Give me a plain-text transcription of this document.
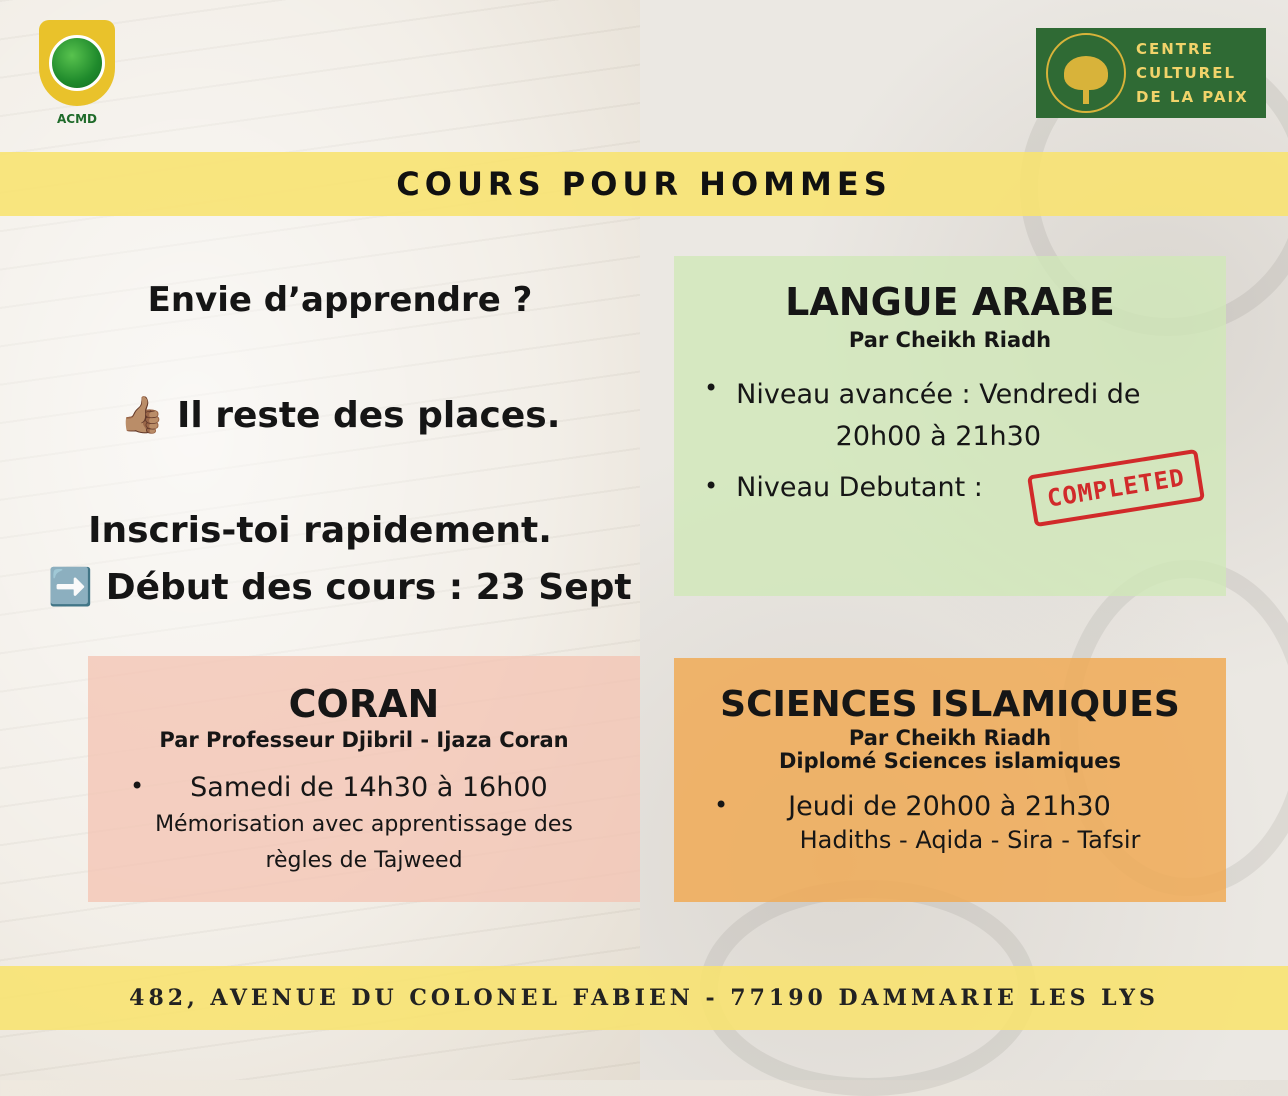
ACMD
CENTRE
CULTUREL
DE LA PAIX
COURS POUR HOMMES
Envie d’apprendre ?
👍🏽 Il reste des places.
Inscris-toi rapidement.
➡️ Début des cours : 23 Sept
LANGUE ARABE
Par Cheikh Riadh
• Niveau avancée : Vendredi de
20h00 à 21h30
• Niveau Debutant :	COMPLETED
CORAN
Par Professeur Djibril - Ijaza Coran
• Samedi de 14h30 à 16h00
Mémorisation avec apprentissage des
règles de Tajweed
SCIENCES ISLAMIQUES
Par Cheikh Riadh
Diplomé Sciences islamiques
• Jeudi de 20h00 à 21h30
Hadiths - Aqida - Sira - Tafsir
482, AVENUE DU COLONEL FABIEN - 77190 DAMMARIE LES LYS
